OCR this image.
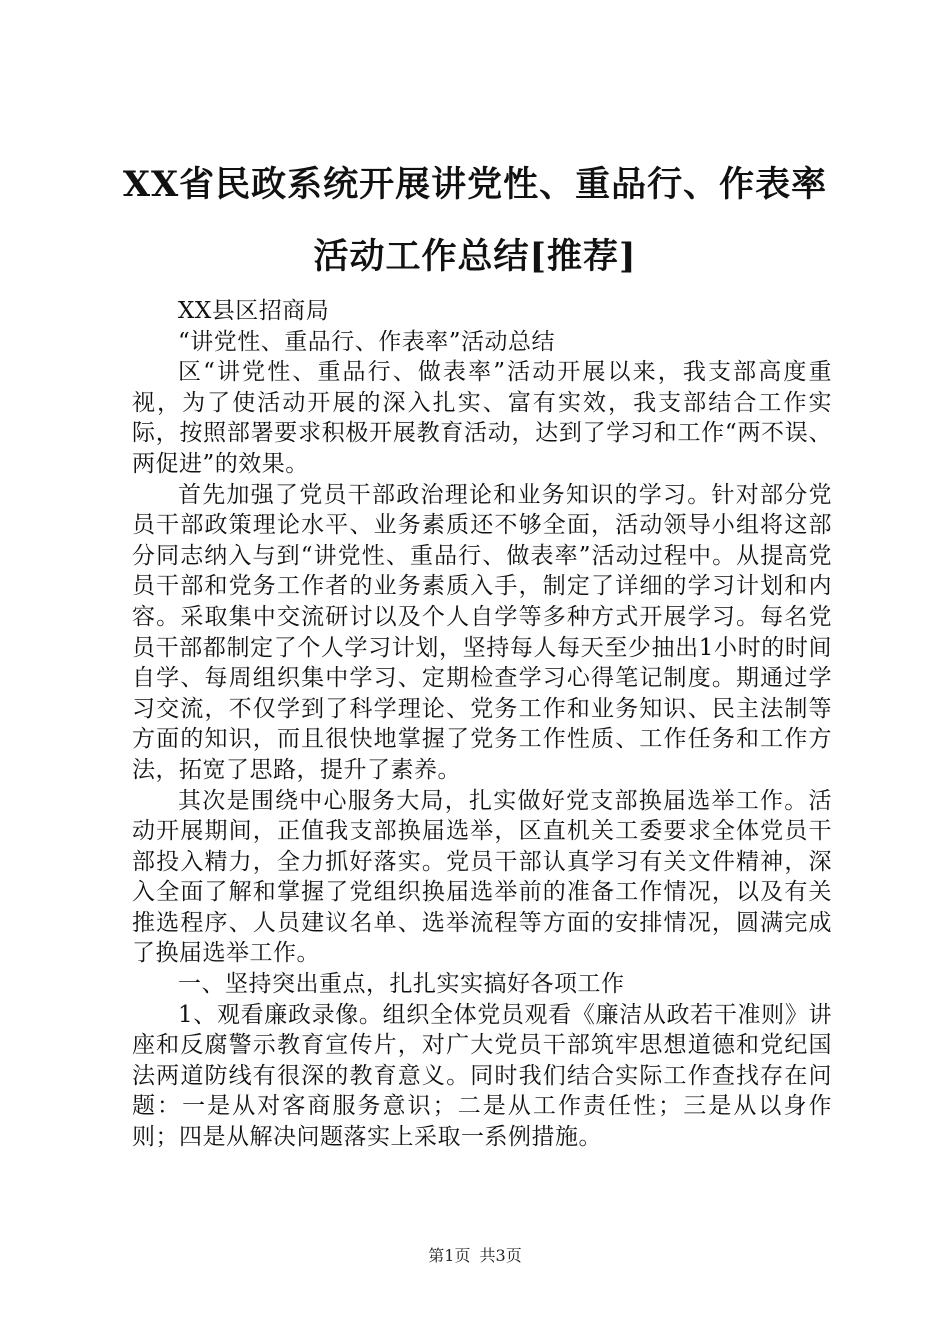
XX省民政系统开展讲党性、重品行、作表率
活动工作总结[推荐]

XX县区招商局

“讲党性、重品行、作表率”活动总结

区“讲党性、重品行、做表率”活动开展以来，我支部高度重视，为了使活动开展的深入扎实、富有实效，我支部结合工作实际，按照部署要求积极开展教育活动，达到了学习和工作“两不误、两促进”的效果。

首先加强了党员干部政治理论和业务知识的学习。针对部分党员干部政策理论水平、业务素质还不够全面，活动领导小组将这部分同志纳入与到“讲党性、重品行、做表率”活动过程中。从提高党员干部和党务工作者的业务素质入手，制定了详细的学习计划和内容。采取集中交流研讨以及个人自学等多种方式开展学习。每名党员干部都制定了个人学习计划，坚持每人每天至少抽出1小时的时间自学、每周组织集中学习、定期检查学习心得笔记制度。期通过学习交流，不仅学到了科学理论、党务工作和业务知识、民主法制等方面的知识，而且很快地掌握了党务工作性质、工作任务和工作方法，拓宽了思路，提升了素养。

其次是围绕中心服务大局，扎实做好党支部换届选举工作。活动开展期间，正值我支部换届选举，区直机关工委要求全体党员干部投入精力，全力抓好落实。党员干部认真学习有关文件精神，深入全面了解和掌握了党组织换届选举前的准备工作情况，以及有关推选程序、人员建议名单、选举流程等方面的安排情况，圆满完成了换届选举工作。

一、坚持突出重点，扎扎实实搞好各项工作

1、观看廉政录像。组织全体党员观看《廉洁从政若干准则》讲座和反腐警示教育宣传片，对广大党员干部筑牢思想道德和党纪国法两道防线有很深的教育意义。同时我们结合实际工作查找存在问题：一是从对客商服务意识；二是从工作责任性；三是从以身作则；四是从解决问题落实上采取一系例措施。

第1页 共3页
